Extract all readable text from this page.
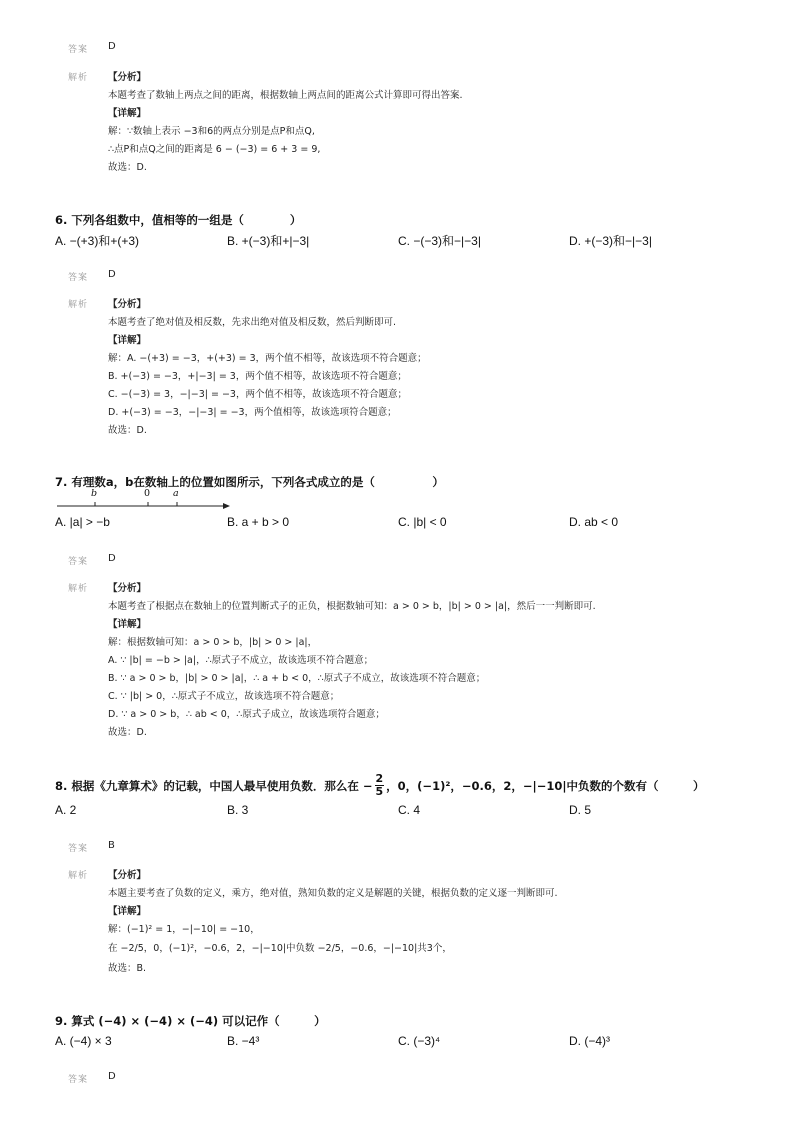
答案 D
解析 【分析】
本题考查了数轴上两点之间的距离，根据数轴上两点间的距离公式计算即可得出答案.
【详解】
解：∵数轴上表示 −3和6的两点分别是点P和点Q,
∴点P和点Q之间的距离是 6 − (−3) = 6 + 3 = 9,
故选：D.
6. 下列各组数中，值相等的一组是（　　　　）
A. −(+3)和+(+3)	B. +(−3)和+|−3|	C. −(−3)和−|−3|	D. +(−3)和−|−3|
答案 D
解析 【分析】
本题考查了绝对值及相反数，先求出绝对值及相反数，然后判断即可.
【详解】
解：A. −(+3) = −3，+(+3) = 3，两个值不相等，故该选项不符合题意；
B. +(−3) = −3，+|−3| = 3，两个值不相等，故该选项不符合题意；
C. −(−3) = 3，−|−3| = −3，两个值不相等，故该选项不符合题意；
D. +(−3) = −3，−|−3| = −3，两个值相等，故该选项符合题意；
故选：D.
7. 有理数a，b在数轴上的位置如图所示，下列各式成立的是（　　　　　）
b	0 a
A. |a| > −b	B. a + b > 0	C. |b| < 0	D. ab < 0
答案 D
解析 【分析】
本题考查了根据点在数轴上的位置判断式子的正负，根据数轴可知：a > 0 > b，|b| > 0 > |a|，然后一一判断即可.
【详解】
解：根据数轴可知：a > 0 > b，|b| > 0 > |a|，
A. ∵ |b| = −b > |a|，∴原式子不成立，故该选项不符合题意；
B. ∵ a > 0 > b，|b| > 0 > |a|，∴ a + b < 0，∴原式子不成立，故该选项不符合题意；
C. ∵ |b| > 0，∴原式子不成立，故该选项不符合题意；
D. ∵ a > 0 > b，∴ ab < 0，∴原式子成立，故该选项符合题意；
故选：D.
8. 根据《九章算术》的记载，中国人最早使用负数．那么在 − $\frac{2}{5}$ ，0，(−1)²，−0.6，2，−|−10|中负数的个数有（　　　）
A. 2	B. 3	C. 4	D. 5
答案 B
解析 【分析】
本题主要考查了负数的定义，乘方，绝对值，熟知负数的定义是解题的关键，根据负数的定义逐一判断即可.
【详解】
解：(−1)² = 1，−|−10| = −10，
在 −2/5，0，(−1)²，−0.6，2，−|−10|中负数 −2/5，−0.6，−|−10|共3个，
故选：B.
9. 算式 (−4) × (−4) × (−4) 可以记作（　　　）
A. (−4) × 3	B. −4³	C. (−3)⁴	D. (−4)³
答案 D
